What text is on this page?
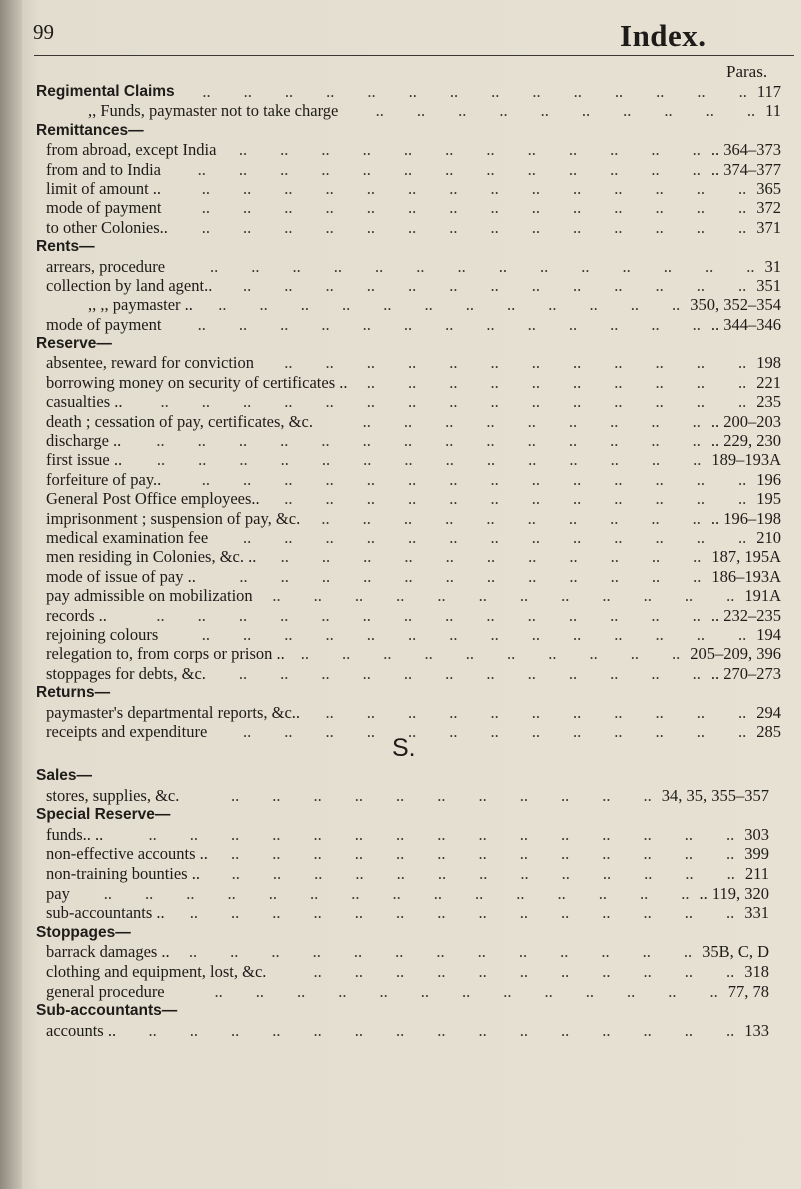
99	Index.
Paras.
Regimental Claims	..  ..  ..  ..  ..  ..  ..  ..  ..  ..  ..  ..  ..  .. 117
,, Funds, paymaster not to take charge	..  ..  ..  ..  ..  ..  ..  ..  ..  .. 11
Remittances—
from abroad, except India	..  ..  ..  ..  ..  ..  ..  ..  ..  ..  ..  .. .. 364–373
from and to India	..  ..  ..  ..  ..  ..  ..  ..  ..  ..  ..  ..  .. .. 374–377
limit of amount ..	..  ..  ..  ..  ..  ..  ..  ..  ..  ..  ..  ..  ..  .. 365
mode of payment	..  ..  ..  ..  ..  ..  ..  ..  ..  ..  ..  ..  ..  .. 372
to other Colonies..	..  ..  ..  ..  ..  ..  ..  ..  ..  ..  ..  ..  ..  .. 371
Rents—
arrears, procedure	..  ..  ..  ..  ..  ..  ..  ..  ..  ..  ..  ..  ..  .. 31
collection by land agent..	..  ..  ..  ..  ..  ..  ..  ..  ..  ..  ..  ..  .. 351
,, ,, paymaster ..	..  ..  ..  ..  ..  ..  ..  ..  ..  ..  ..  .. 350, 352–354
mode of payment	..  ..  ..  ..  ..  ..  ..  ..  ..  ..  ..  ..  .. .. 344–346
Reserve—
absentee, reward for conviction	..  ..  ..  ..  ..  ..  ..  ..  ..  ..  ..  .. 198
borrowing money on security of certificates ..	..  ..  ..  ..  ..  ..  ..  ..  ..  .. 221
casualties ..	..  ..  ..  ..  ..  ..  ..  ..  ..  ..  ..  ..  ..  ..  .. 235
death ; cessation of pay, certificates, &c.	..  ..  ..  ..  ..  ..  ..  ..  .. .. 200–203
discharge ..	..  ..  ..  ..  ..  ..  ..  ..  ..  ..  ..  ..  ..  .. .. 229, 230
first issue ..	..  ..  ..  ..  ..  ..  ..  ..  ..  ..  ..  ..  ..  .. 189–193A
forfeiture of pay..	..  ..  ..  ..  ..  ..  ..  ..  ..  ..  ..  ..  ..  .. 196
General Post Office employees..	..  ..  ..  ..  ..  ..  ..  ..  ..  ..  ..  .. 195
imprisonment ; suspension of pay, &c.	..  ..  ..  ..  ..  ..  ..  ..  ..  .. .. 196–198
medical examination fee	..  ..  ..  ..  ..  ..  ..  ..  ..  ..  ..  ..  .. 210
men residing in Colonies, &c. ..	..  ..  ..  ..  ..  ..  ..  ..  ..  ..  .. 187, 195A
mode of issue of pay ..	..  ..  ..  ..  ..  ..  ..  ..  ..  ..  ..  .. 186–193A
pay admissible on mobilization	..  ..  ..  ..  ..  ..  ..  ..  ..  ..  ..  .. 191A
records ..	..  ..  ..  ..  ..  ..  ..  ..  ..  ..  ..  ..  ..  .. .. 232–235
rejoining colours	..  ..  ..  ..  ..  ..  ..  ..  ..  ..  ..  ..  ..  .. 194
relegation to, from corps or prison .. ..  ..  ..  ..  ..  ..  ..  ..  ..  .. 205–209, 396
stoppages for debts, &c.	..  ..  ..  ..  ..  ..  ..  ..  ..  ..  ..  .. .. 270–273
Returns—
paymaster's departmental reports, &c..	..  ..  ..  ..  ..  ..  ..  ..  ..  ..  .. 294
receipts and expenditure	..  ..  ..  ..  ..  ..  ..  ..  ..  ..  ..  ..  .. 285
S.
Sales—
stores, supplies, &c.	..  ..  ..  ..  ..  ..  ..  ..  ..  ..  .. 34, 35, 355–357
Special Reserve—
funds.. ..	..  ..  ..  ..  ..  ..  ..  ..  ..  ..  ..  ..  ..  ..  .. 303
non-effective accounts ..	..  ..  ..  ..  ..  ..  ..  ..  ..  ..  ..  ..  .. 399
non-training bounties ..	..  ..  ..  ..  ..  ..  ..  ..  ..  ..  ..  ..  .. 211
pay	..  ..  ..  ..  ..  ..  ..  ..  ..  ..  ..  ..  ..  ..  .. .. 119, 320
sub-accountants ..	..  ..  ..  ..  ..  ..  ..  ..  ..  ..  ..  ..  ..  .. 331
Stoppages—
barrack damages ..	..  ..  ..  ..  ..  ..  ..  ..  ..  ..  ..  ..  .. 35B, C, D
clothing and equipment, lost, &c.	..  ..  ..  ..  ..  ..  ..  ..  ..  ..  .. 318
general procedure	..  ..  ..  ..  ..  ..  ..  ..  ..  ..  ..  ..  .. 77, 78
Sub-accountants—
accounts ..	..  ..  ..  ..  ..  ..  ..  ..  ..  ..  ..  ..  ..  ..  .. 133
